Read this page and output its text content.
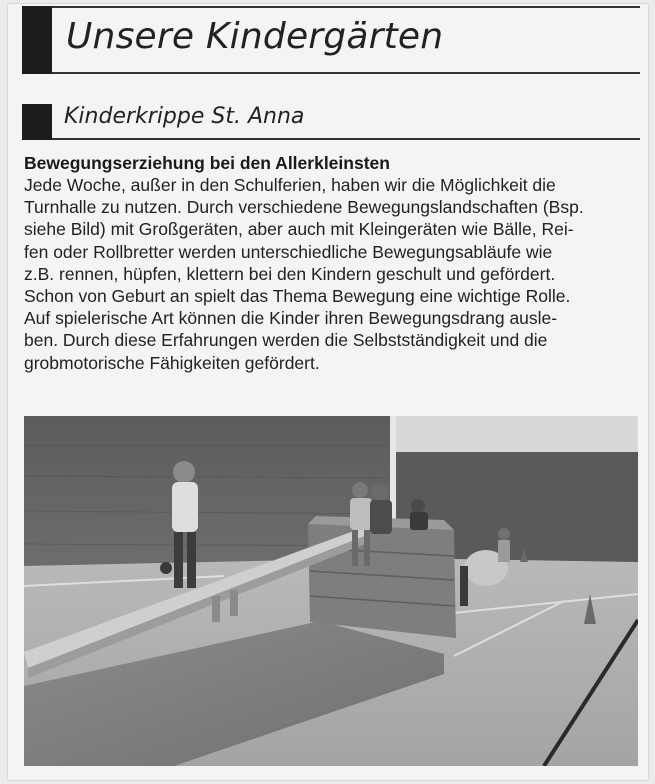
Unsere Kindergärten
Kinderkrippe St. Anna

Bewegungserziehung bei den Allerkleinsten

Jede Woche, außer in den Schulferien, haben wir die Möglichkeit die

Turnhalle zu nutzen. Durch verschiedene Bewegungslandschaften (Bsp.

siehe Bild) mit Großgeräten, aber auch mit Kleingeräten wie Bälle, Rei-

fen oder Rollbretter werden unterschiedliche Bewegungsabläufe wie

z.B. rennen, hüpfen, klettern bei den Kindern geschult und gefördert.

Schon von Geburt an spielt das Thema Bewegung eine wichtige Rolle.

Auf spielerische Art können die Kinder ihren Bewegungsdrang ausle-

ben. Durch diese Erfahrungen werden die Selbstständigkeit und die

grobmotorische Fähigkeiten gefördert.
